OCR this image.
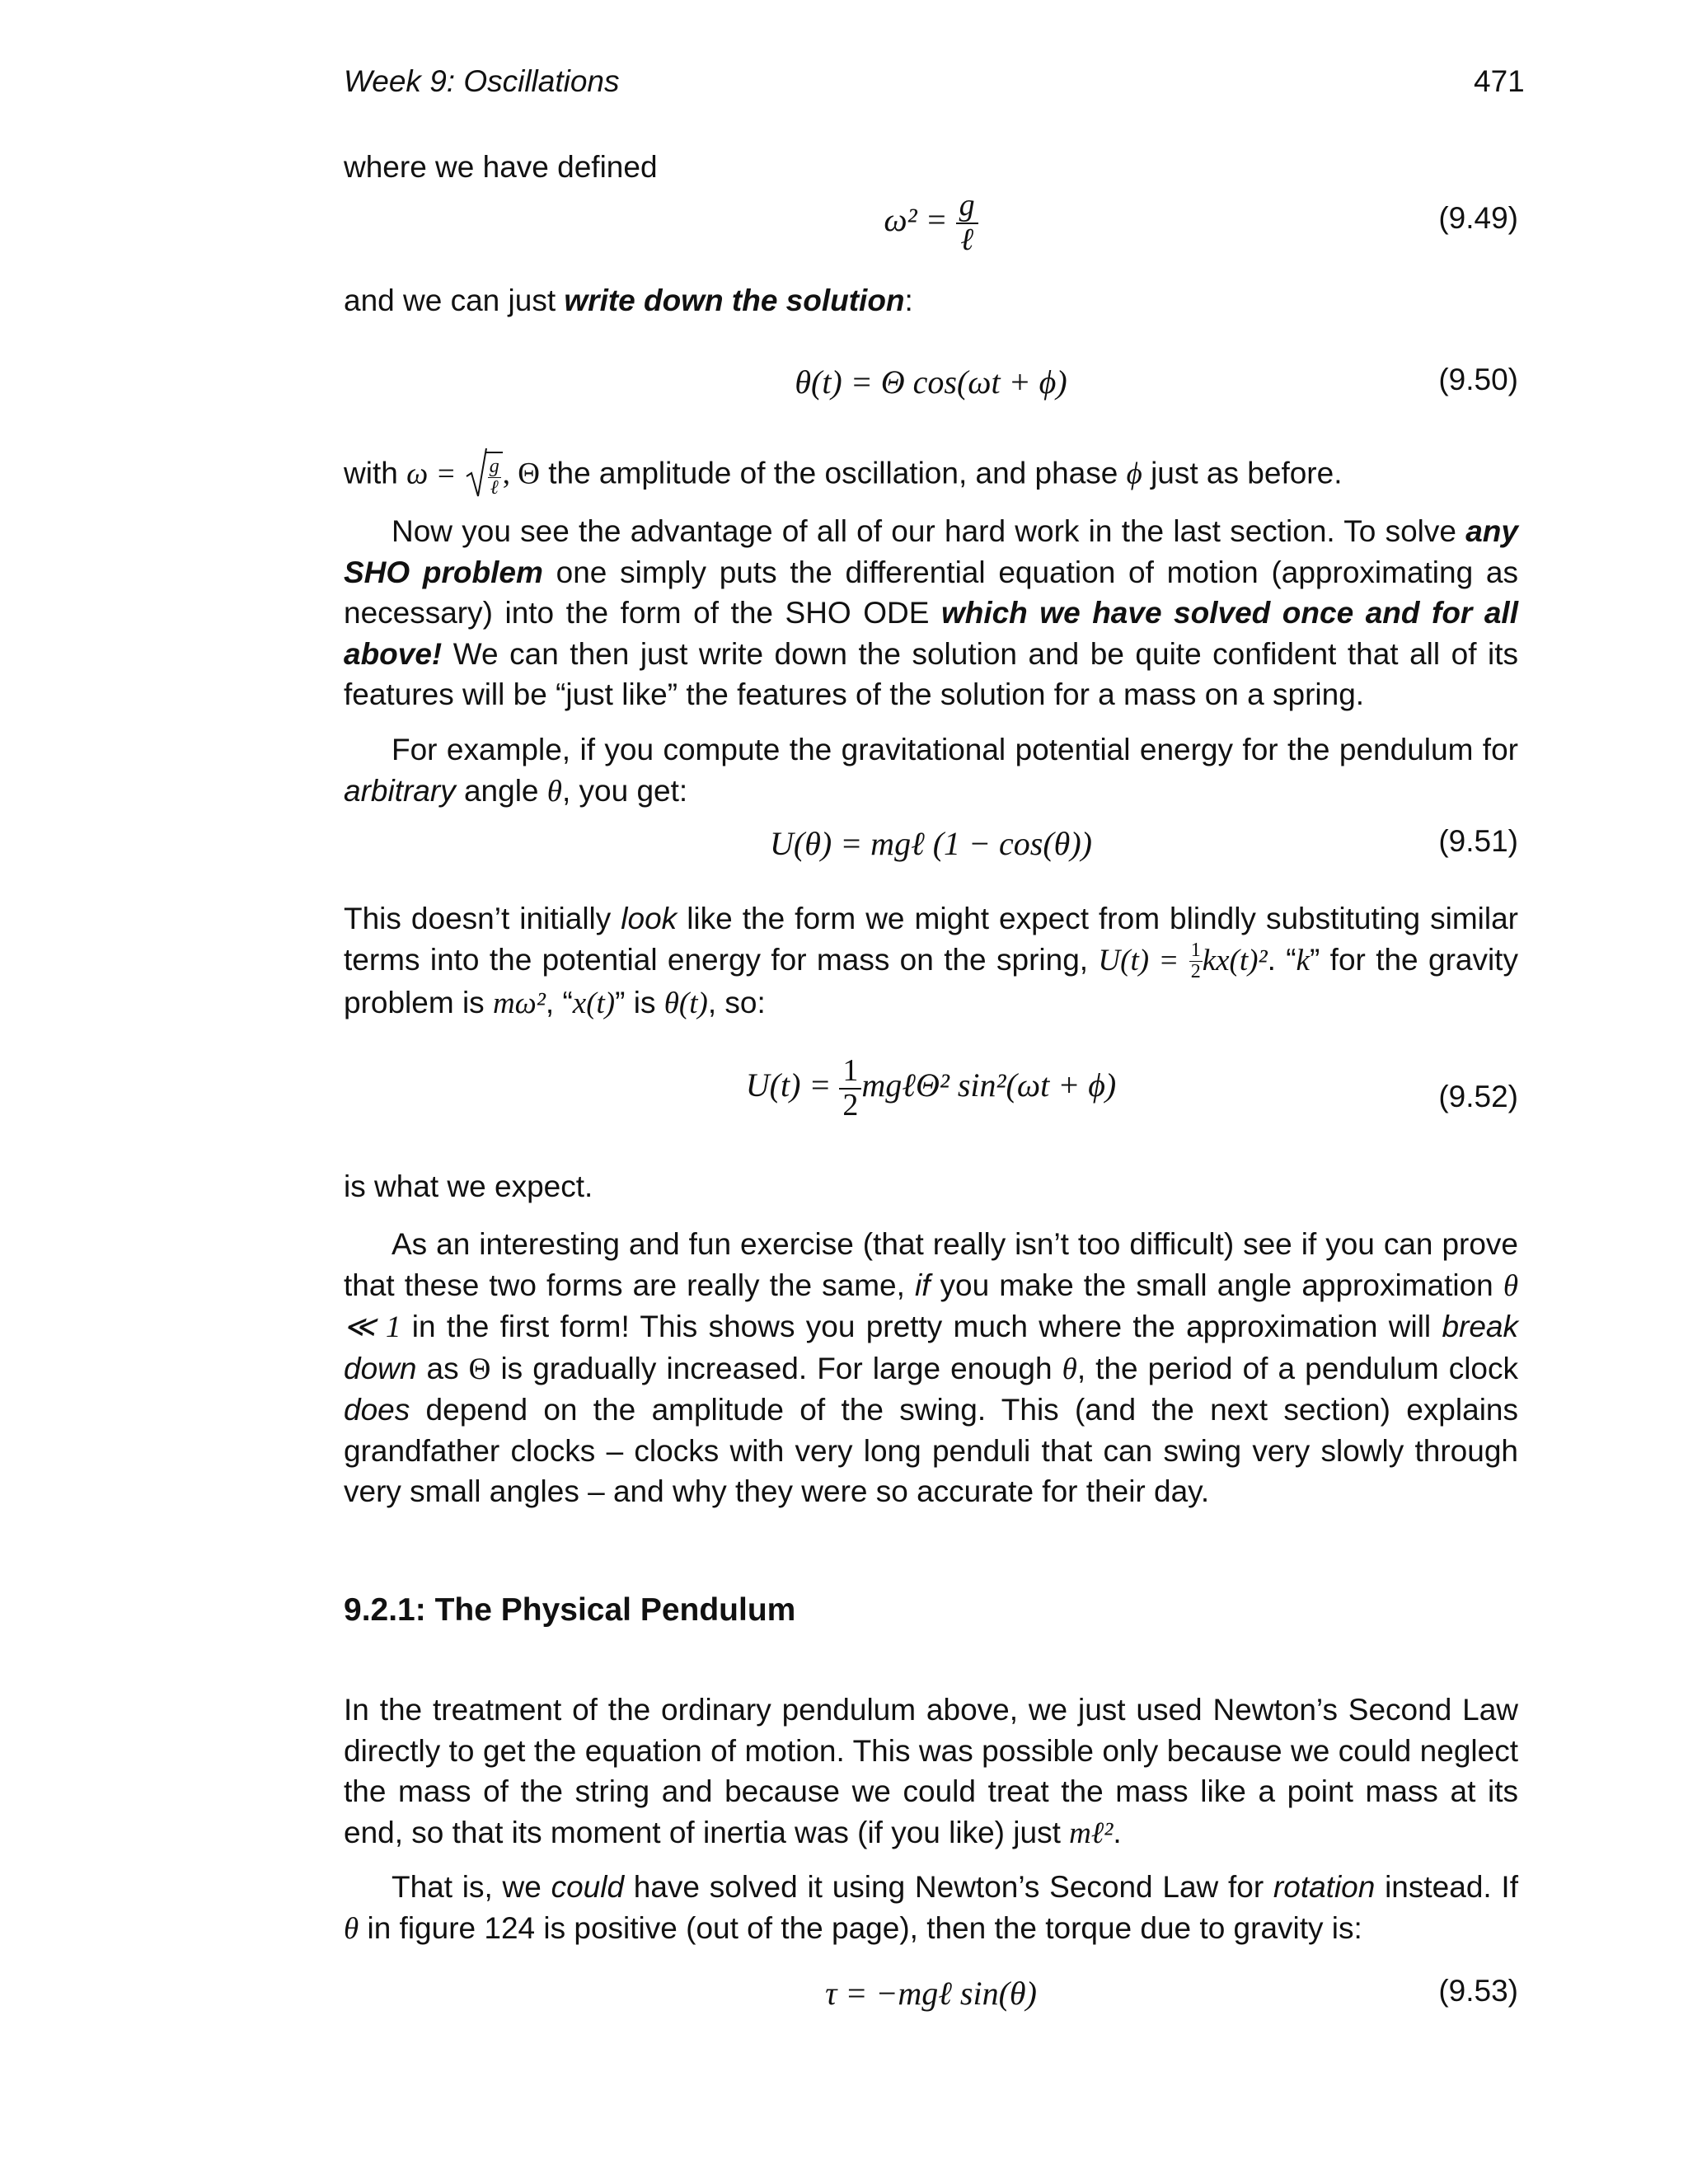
Week 9: Oscillations	471
where we have defined
$\omega^2 = \frac{g}{\text{ℓ}}$	(9.49)
and we can just write down the solution:
θ(t) = Θ cos(ωt + ϕ)	(9.50)
with $\omega = \frac{g}{\text{ℓ}}$ , Θ the amplitude of the oscillation, and phase ϕ just as before.
Now you see the advantage of all of our hard work in the last section. To solve any SHO problem one simply puts the differential equation of motion (approximating as necessary) into the form of the SHO ODE which we have solved once and for all above! We can then just write down the solution and be quite confident that all of its features will be “just like” the features of the solution for a mass on a spring.
For example, if you compute the gravitational potential energy for the pendulum for arbitrary angle θ, you get:
U(θ) = mgℓ (1 − cos(θ))	(9.51)
This doesn’t initially look like the form we might expect from blindly substituting similar terms into the potential energy for mass on the spring, $U(t) = \frac{1}{2} kx(t)^2$. “k” for the gravity problem is mω², “x(t)” is θ(t), so:
$U(t) = \frac{1}{2}$ mgℓΘ² sin²(ωt + ϕ)	(9.52)
is what we expect.
As an interesting and fun exercise (that really isn’t too difficult) see if you can prove that these two forms are really the same, if you make the small angle approximation θ ≪ 1 in the first form! This shows you pretty much where the approximation will break down as Θ is gradually increased. For large enough θ, the period of a pendulum clock does depend on the amplitude of the swing. This (and the next section) explains grandfather clocks – clocks with very long penduli that can swing very slowly through very small angles – and why they were so accurate for their day.
9.2.1: The Physical Pendulum
In the treatment of the ordinary pendulum above, we just used Newton’s Second Law directly to get the equation of motion. This was possible only because we could neglect the mass of the string and because we could treat the mass like a point mass at its end, so that its moment of inertia was (if you like) just mℓ².
That is, we could have solved it using Newton’s Second Law for rotation instead. If θ in figure 124 is positive (out of the page), then the torque due to gravity is:
τ = −mgℓ sin(θ)	(9.53)
